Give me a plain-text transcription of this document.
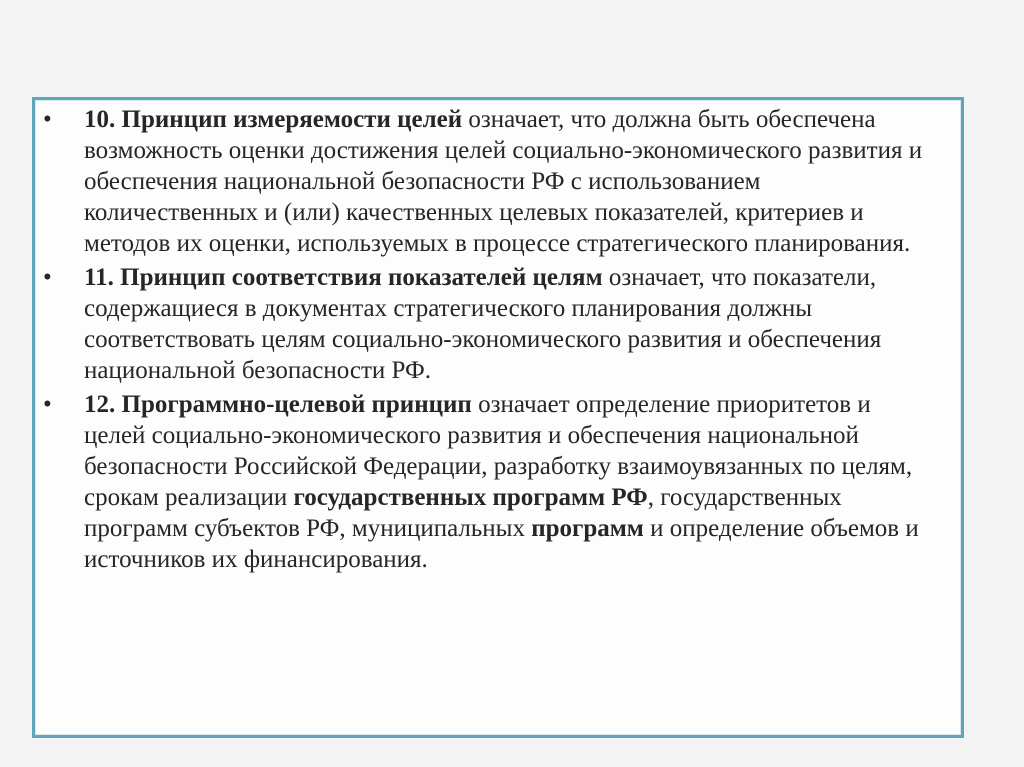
• 10. Принцип измеряемости целей означает, что должна быть обеспечена возможность оценки достижения целей социально-экономического развития и обеспечения национальной безопасности РФ с использованием количественных и (или) качественных целевых показателей, критериев и методов их оценки, используемых в процессе стратегического планирования.
• 11. Принцип соответствия показателей целям означает, что показатели, содержащиеся в документах стратегического планирования должны соответствовать целям социально-экономического развития и обеспечения национальной безопасности РФ.
• 12. Программно-целевой принцип означает определение приоритетов и целей социально-экономического развития и обеспечения национальной безопасности Российской Федерации, разработку взаимоувязанных по целям, срокам реализации государственных программ РФ, государственных программ субъектов РФ, муниципальных программ и определение объемов и источников их финансирования.
